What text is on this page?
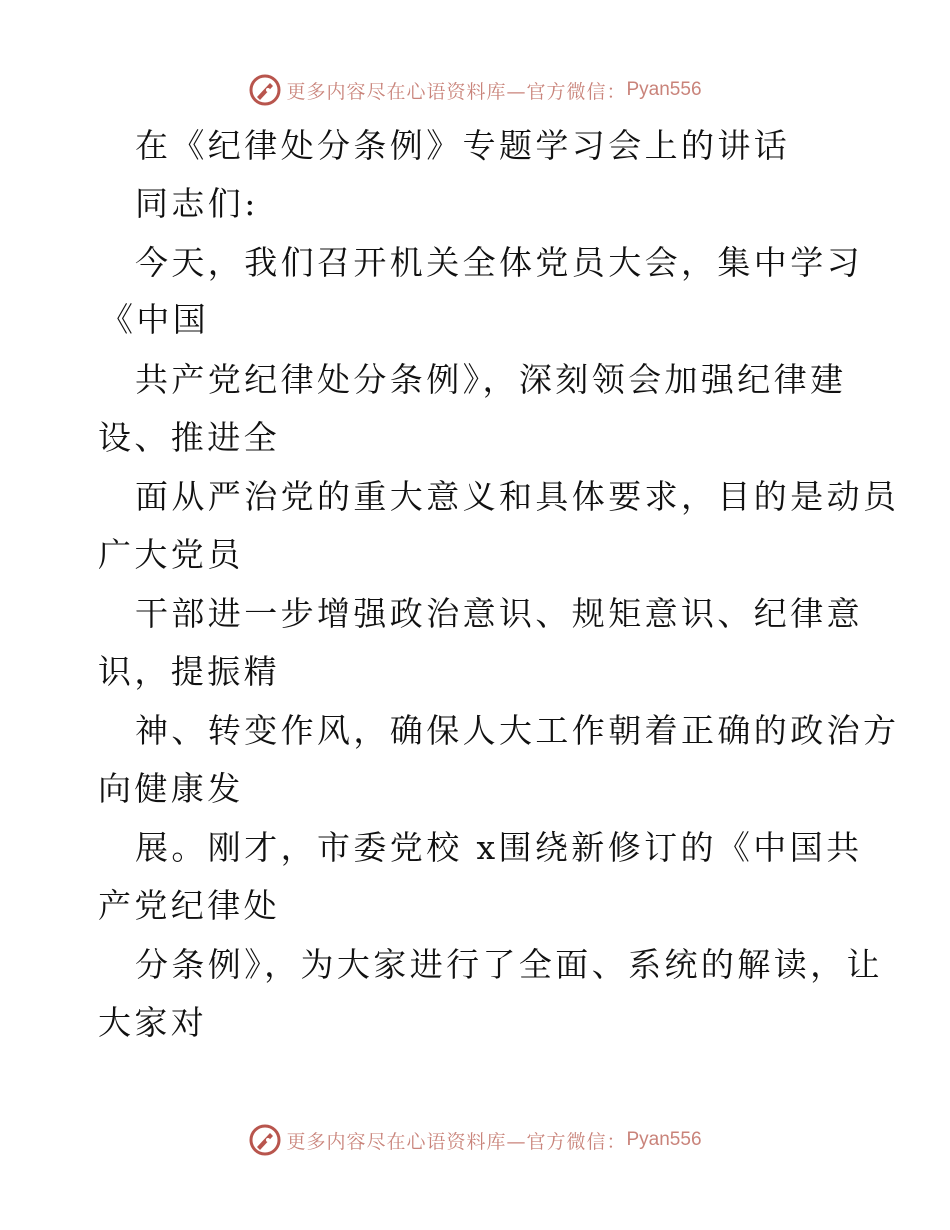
更多内容尽在心语资料库—官方微信： Pyan556
在《纪律处分条例》专题学习会上的讲话
同志们:
今天，我们召开机关全体党员大会，集中学习
《中国
共产党纪律处分条例》，深刻领会加强纪律建
设、推进全
面从严治党的重大意义和具体要求，目的是动员
广大党员
干部进一步增强政治意识、规矩意识、纪律意
识，提振精
神、转变作风，确保人大工作朝着正确的政治方
向健康发
展。刚才，市委党校 x围绕新修订的《中国共
产党纪律处
分条例》，为大家进行了全面、系统的解读，让
大家对
更多内容尽在心语资料库—官方微信： Pyan556
